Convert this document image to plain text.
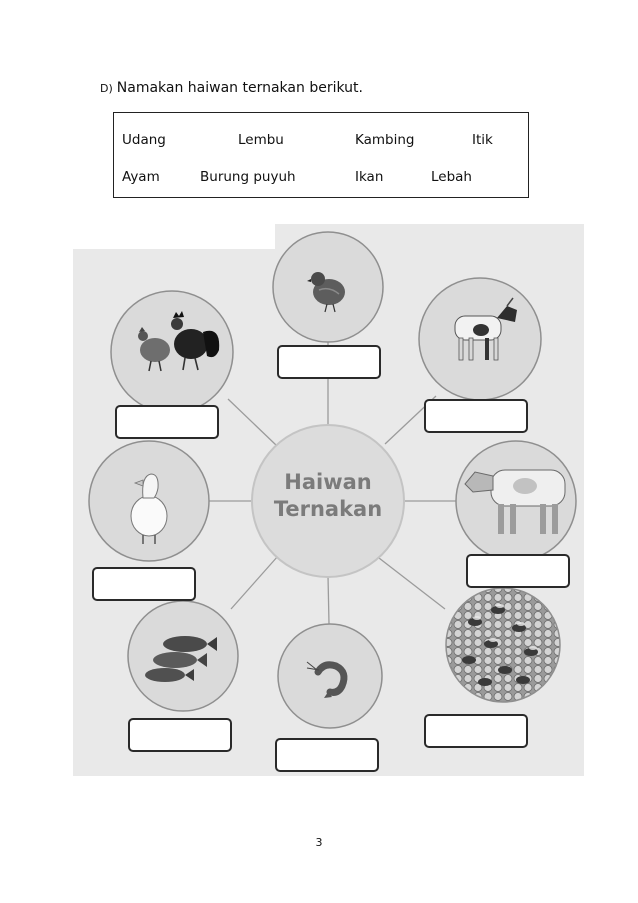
D) Namakan haiwan ternakan berikut.
Udang	Lembu	Kambing	Itik
Ayam	Burung puyuh	Ikan	Lebah
Haiwan
Ternakan
3
